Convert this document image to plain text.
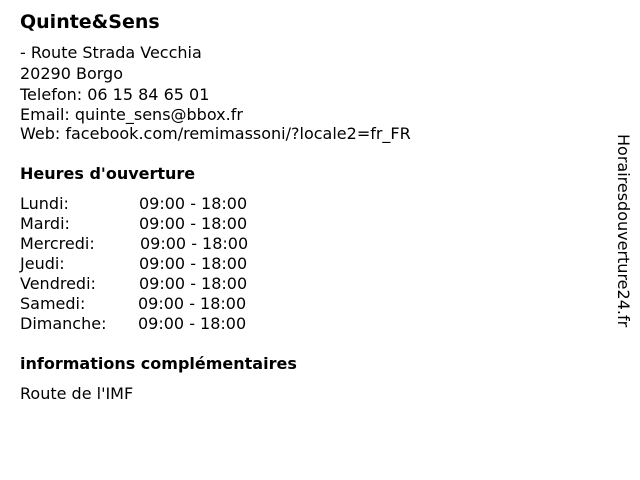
Quinte&Sens
- Route Strada Vecchia
20290 Borgo
Telefon: 06 15 84 65 01
Email: quinte_sens@bbox.fr
Web: facebook.com/remimassoni/?locale2=fr_FR
Heures d'ouverture
Lundi:	09:00 - 18:00
Mardi:	09:00 - 18:00
Mercredi:	09:00 - 18:00
Jeudi:	09:00 - 18:00
Vendredi:	09:00 - 18:00
Samedi:	09:00 - 18:00
Dimanche: 09:00 - 18:00
informations complémentaires
Route de l'IMF
Horairesdouverture24.fr
